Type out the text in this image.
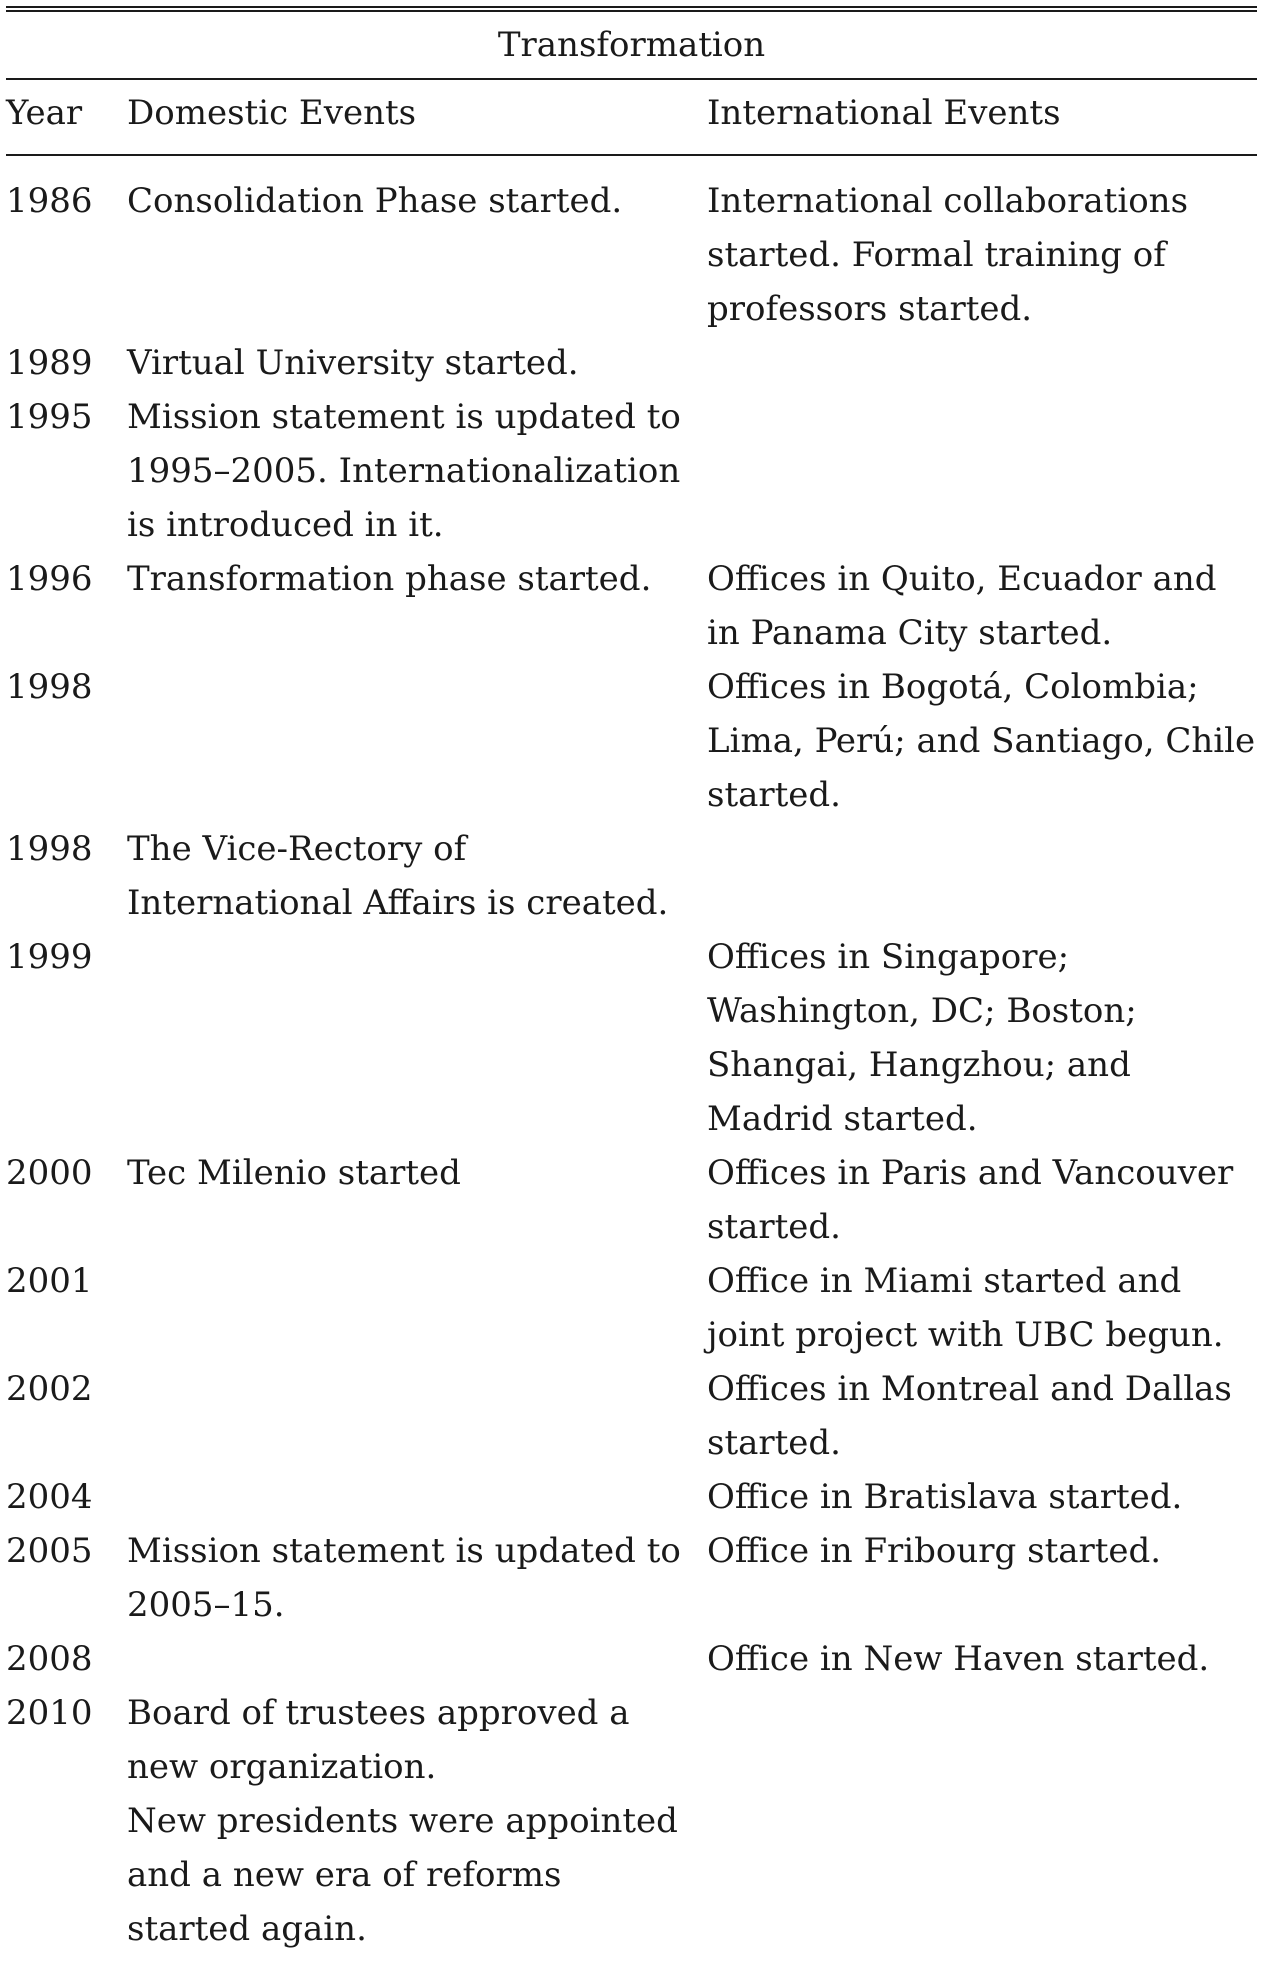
Transformation
Year	Domestic Events	International Events
1986	Consolidation Phase started.	International collaborations started. Formal training of professors started.

1989	Virtual University started.	

1995	Mission statement is updated to 1995–2005. Internationalization is introduced in it.	

1996	Transformation phase started.	Offices in Quito, Ecuador and in Panama City started.

1998		Offices in Bogotá, Colombia; Lima, Perú; and Santiago, Chile started.

1998	The Vice-Rectory of International Affairs is created.	

1999		Offices in Singapore; Washington, DC; Boston; Shangai, Hangzhou; and Madrid started.

2000	Tec Milenio started	Offices in Paris and Vancouver started.

2001		Office in Miami started and joint project with UBC begun.

2002		Offices in Montreal and Dallas started.

2004		Office in Bratislava started.

2005	Mission statement is updated to 2005–15.	Office in Fribourg started.

2008		Office in New Haven started.

2010	Board of trustees approved a new organization.
New presidents were appointed and a new era of reforms started again.	
